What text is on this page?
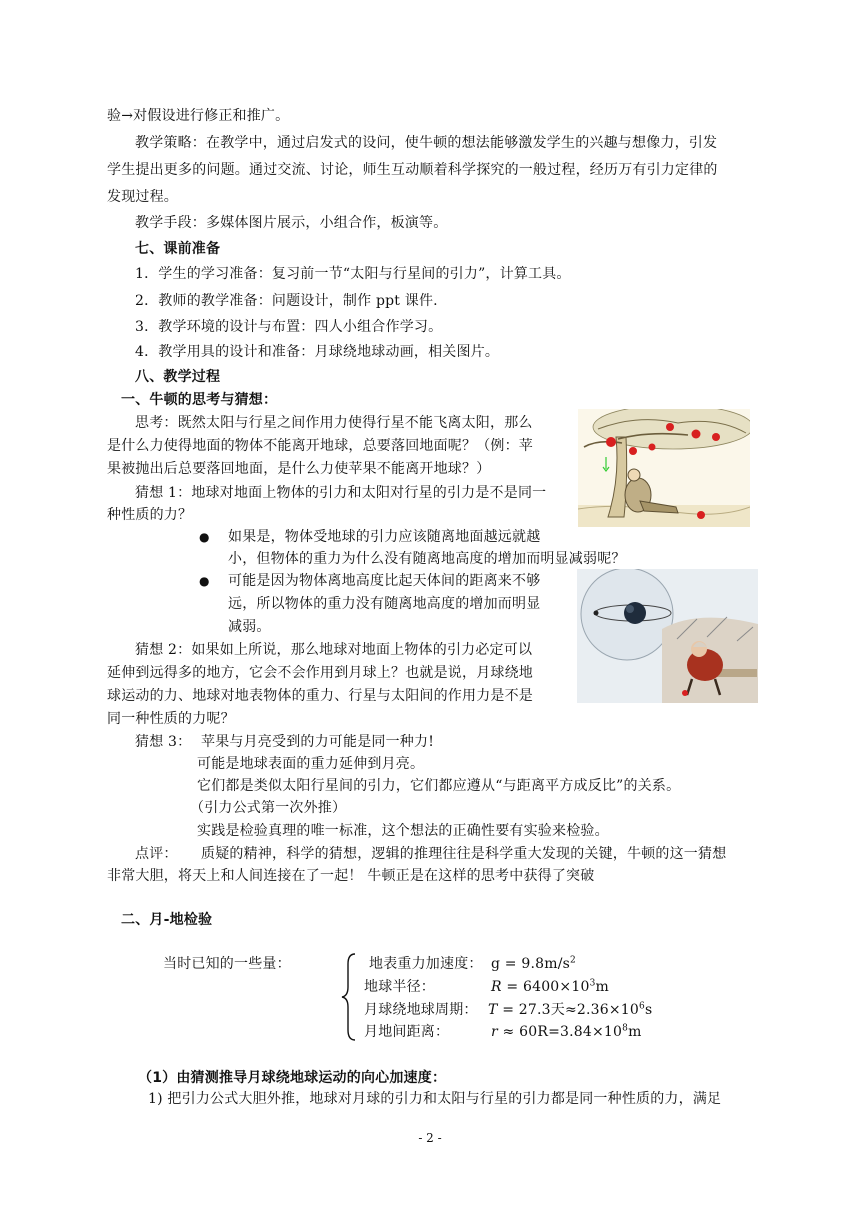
验→对假设进行修正和推广。
教学策略：在教学中，通过启发式的设问，使牛顿的想法能够激发学生的兴趣与想像力，引发
学生提出更多的问题。通过交流、讨论，师生互动顺着科学探究的一般过程，经历万有引力定律的
发现过程。
教学手段：多媒体图片展示，小组合作，板演等。
七、课前准备
1．学生的学习准备：复习前一节“太阳与行星间的引力”，计算工具。
2．教师的教学准备：问题设计，制作 ppt 课件.
3．教学环境的设计与布置：四人小组合作学习。
4．教学用具的设计和准备：月球绕地球动画，相关图片。
八、教学过程
一、牛顿的思考与猜想：
思考：既然太阳与行星之间作用力使得行星不能飞离太阳，那么
是什么力使得地面的物体不能离开地球，总要落回地面呢？（例：苹
果被抛出后总要落回地面，是什么力使苹果不能离开地球？）
猜想 1：地球对地面上物体的引力和太阳对行星的引力是不是同一
种性质的力？
● 如果是，物体受地球的引力应该随离地面越远就越
小，但物体的重力为什么没有随离地高度的增加而明显减弱呢？
● 可能是因为物体离地高度比起天体间的距离来不够
远，所以物体的重力没有随离地高度的增加而明显
减弱。
猜想 2：如果如上所说，那么地球对地面上物体的引力必定可以
延伸到远得多的地方，它会不会作用到月球上？也就是说，月球绕地
球运动的力、地球对地表物体的重力、行星与太阳间的作用力是不是
同一种性质的力呢？
猜想 3： 苹果与月亮受到的力可能是同一种力!
可能是地球表面的重力延伸到月亮。
它们都是类似太阳行星间的引力，它们都应遵从“与距离平方成反比”的关系。
（引力公式第一次外推）
实践是检验真理的唯一标准，这个想法的正确性要有实验来检验。
点评： 质疑的精神，科学的猜想，逻辑的推理往往是科学重大发现的关键，牛顿的这一猜想
非常大胆，将天上和人间连接在了一起！ 牛顿正是在这样的思考中获得了突破
二、月-地检验
当时已知的一些量：	地表重力加速度： $g = 9.8m/s^2$
地球半径：	$R = 6400\times 10^3m$
月球绕地球周期： T = 27.3天$\approx 2.36\times 10^6s$
月地间距离：	$r \approx 60R=3.84\times 10^8m$
（1）由猜测推导月球绕地球运动的向心加速度：
1) 把引力公式大胆外推，地球对月球的引力和太阳与行星的引力都是同一种性质的力，满足
- 2 -
